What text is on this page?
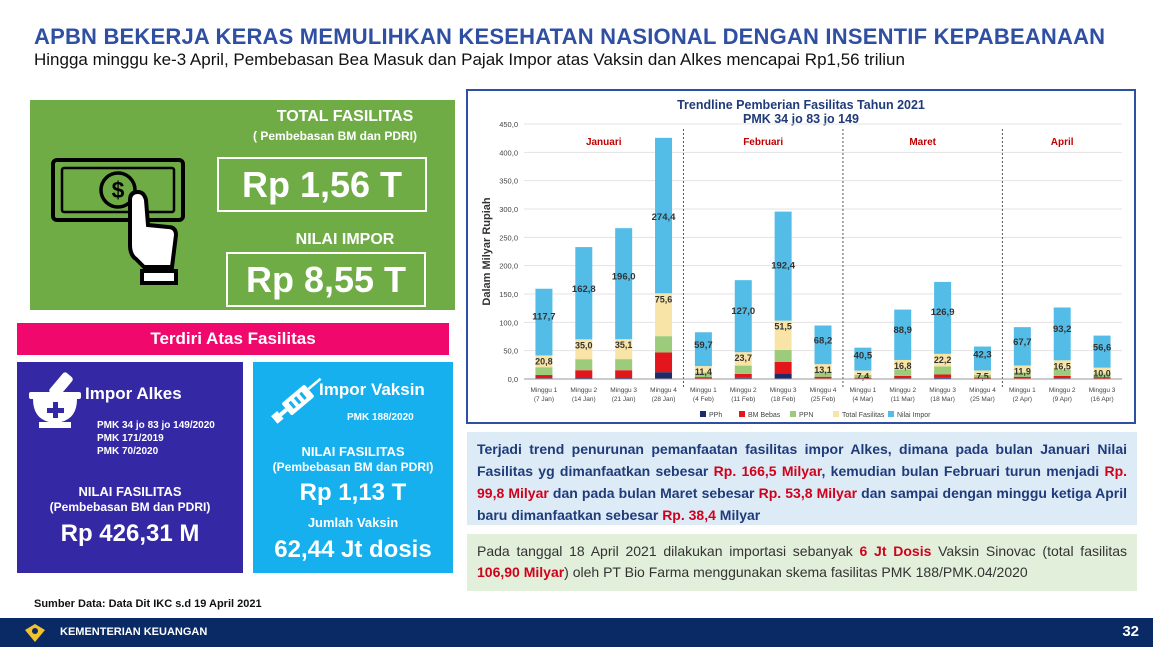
APBN BEKERJA KERAS MEMULIHKAN KESEHATAN NASIONAL DENGAN INSENTIF KEPABEANAAN
Hingga minggu ke-3 April, Pembebasan Bea Masuk dan Pajak Impor atas Vaksin dan Alkes mencapai Rp1,56 triliun
$
TOTAL FASILITAS
( Pembebasan BM dan PDRI)
Rp 1,56 T
NILAI IMPOR
Rp 8,55 T
Terdiri Atas Fasilitas
Impor Alkes
PMK 34 jo 83 jo 149/2020
PMK 171/2019
PMK 70/2020
NILAI FASILITAS
(Pembebasan BM dan PDRI)
Rp 426,31 M
Impor Vaksin
PMK 188/2020
NILAI FASILITAS
(Pembebasan BM dan PDRI)
Rp 1,13 T
Jumlah Vaksin
62,44 Jt dosis
Trendline Pemberian Fasilitas Tahun 2021
PMK 34 jo 83 jo 149
0,0
50,0
100,0
150,0
200,0
250,0
300,0
350,0
400,0
450,0
Dalam Milyar Rupiah
Januari	Februari	Maret	April
20,8
117,7
Minggu 1
(7 Jan)
35,0
162,8
Minggu 2
(14 Jan)
35,1
196,0
Minggu 3
(21 Jan)
75,6
274,4
Minggu 4
(28 Jan)
11,4
59,7
Minggu 1
(4 Feb)
23,7
127,0
Minggu 2
(11 Feb)
51,5
192,4
Minggu 3
(18 Feb)
13,1
68,2
Minggu 4
(25 Feb)
7,4
40,5
Minggu 1
(4 Mar)
16,8
88,9
Minggu 2
(11 Mar)
22,2
126,9
Minggu 3
(18 Mar)
7,5
42,3
Minggu 4
(25 Mar)
11,9
67,7
Minggu 1
(2 Apr)
16,5
93,2
Minggu 2
(9 Apr)
10,0
56,6
Minggu 3
(16 Apr)
PPh	BM Bebas	PPN	Total Fasilitas Nilai Impor
Terjadi trend penurunan pemanfaatan fasilitas impor Alkes, dimana pada bulan Januari Nilai Fasilitas yg dimanfaatkan sebesar Rp. 166,5 Milyar, kemudian bulan Februari turun menjadi Rp. 99,8 Milyar dan pada bulan Maret sebesar Rp. 53,8 Milyar dan sampai dengan minggu ketiga April baru dimanfaatkan sebesar Rp. 38,4 Milyar
Pada tanggal 18 April 2021 dilakukan importasi sebanyak 6 Jt Dosis Vaksin Sinovac (total fasilitas 106,90 Milyar) oleh PT Bio Farma menggunakan skema fasilitas PMK 188/PMK.04/2020
Sumber Data: Data Dit IKC s.d 19 April 2021
KEMENTERIAN KEUANGAN	32
